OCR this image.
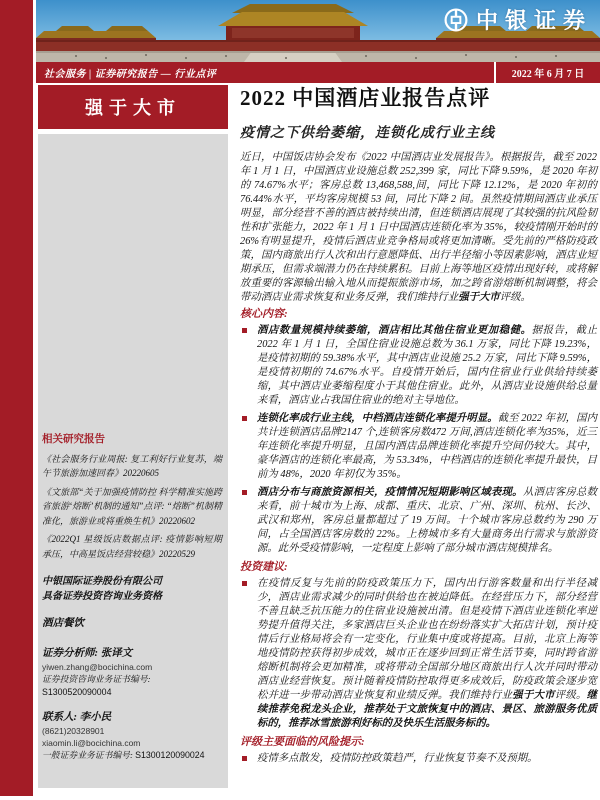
中银证券
社会服务 | 证券研究报告 — 行业点评	2022 年 6 月 7 日
强于大市
相关研究报告

《社会服务行业周报: 复工利好行业复苏，端午节旅游加速回春》20220605

《文旅部“关于加强疫情防控 科学精准实施跨省旅游‘熔断’机制的通知”点评: “熔断”机制精准化，旅游业或将重焕生机》20220602

《2022Q1 星级饭店数据点评: 疫情影响短期承压，中高星饭店经营较稳》20220529

中银国际证券股份有限公司
具备证券投资咨询业务资格
酒店餐饮
证券分析师: 张译文
yiwen.zhang@bocichina.com
证券投资咨询业务证书编号: S1300520090004
联系人: 李小民
(8621)20328901
xiaomin.li@bocichina.com
一般证券业务证书编号: S1300120090024
2022 中国酒店业报告点评
疫情之下供给萎缩，连锁化成行业主线

近日，中国饭店协会发布《2022 中国酒店业发展报告》。根据报告，截至 2022 年 1 月 1 日，中国酒店业设施总数 252,399 家，同比下降 9.59%，是 2020 年初的 74.67%水平；客房总数 13,468,588,间，同比下降 12.12%，是 2020 年初的 76.44%水平，平均客房规模 53 间，同比下降 2 间。虽然疫情期间酒店业承压明显，部分经营不善的酒店被持续出清，但连锁酒店展现了其较强的抗风险韧性和扩张能力，2022 年 1 月 1 日中国酒店连锁化率为 35%，较疫情刚开始时的 26%有明显提升，疫情后酒店业竞争格局或将更加清晰。受先前的严格防疫政策，国内商旅出行人次和出行意愿降低、出行半径缩小等因素影响，酒店业短期承压，但需求端潜力仍在持续累积。目前上海等地区疫情出现好转，或将解放重要的客源输出输入地从而提振旅游市场，加之跨省游熔断机制调整，将会带动酒店业需求恢复和业务反弹，我们维持行业强于大市评级。

核心内容:
酒店数量规模持续萎缩，酒店相比其他住宿业更加稳健。据报告，截止 2022 年 1 月 1 日，全国住宿业设施总数为 36.1 万家，同比下降 19.23%，是疫情初期的 59.38%水平，其中酒店业设施 25.2 万家，同比下降 9.59%，是疫情初期的 74.67%水平。自疫情开始后，国内住宿业行业供给持续萎缩，其中酒店业萎缩程度小于其他住宿业。此外，从酒店业设施供给总量来看，酒店业占我国住宿业的绝对主导地位。
连锁化率成行业主线，中档酒店连锁化率提升明显。截至 2022 年初，国内共计连锁酒店品牌2147 个,连锁客房数472 万间,酒店连锁化率为35%，近三年连锁化率提升明显，且国内酒店品牌连锁化率提升空间仍较大。其中，豪华酒店的连锁化率最高，为 53.34%，中档酒店的连锁化率提升最快，目前为 48%，2020 年初仅为 35%。
酒店分布与商旅资源相关，疫情情况短期影响区域表现。从酒店客房总数来看，前十城市为上海、成都、重庆、北京、广州、深圳、杭州、长沙、武汉和郑州，客房总量都超过了 19 万间。十个城市客房总数约为 290 万间，占全国酒店客房数的 22%。上榜城市多有大量商务出行需求与旅游资源。此外受疫情影响，一定程度上影响了部分城市酒店规模排名。
投资建议:
在疫情反复与先前的防疫政策压力下，国内出行游客数量和出行半径减少，酒店业需求减少的同时供给也在被迫降低。在经营压力下，部分经营不善且缺乏抗压能力的住宿业设施被出清。但是疫情下酒店业连锁化率逆势提升值得关注，多家酒店巨头企业也在纷纷落实扩大拓店计划，预计疫情后行业格局将会有一定变化，行业集中度或将提高。目前，北京上海等地疫情防控获得初步成效，城市正在逐步回到正常生活节奏，同时跨省游熔断机制将会更加精准，或将带动全国部分地区商旅出行人次并同时带动酒店业经营恢复。预计随着疫情防控取得更多成效后，防疫政策会逐步宽松并进一步带动酒店业恢复和业绩反弹。我们维持行业强于大市评级。继续推荐免税龙头企业，推荐处于文旅恢复中的酒店、景区、旅游服务优质标的，推荐冰雪旅游利好标的及快乐生活服务标的。
评级主要面临的风险提示:
疫情多点散发，疫情防控政策趋严，行业恢复节奏不及预期。
